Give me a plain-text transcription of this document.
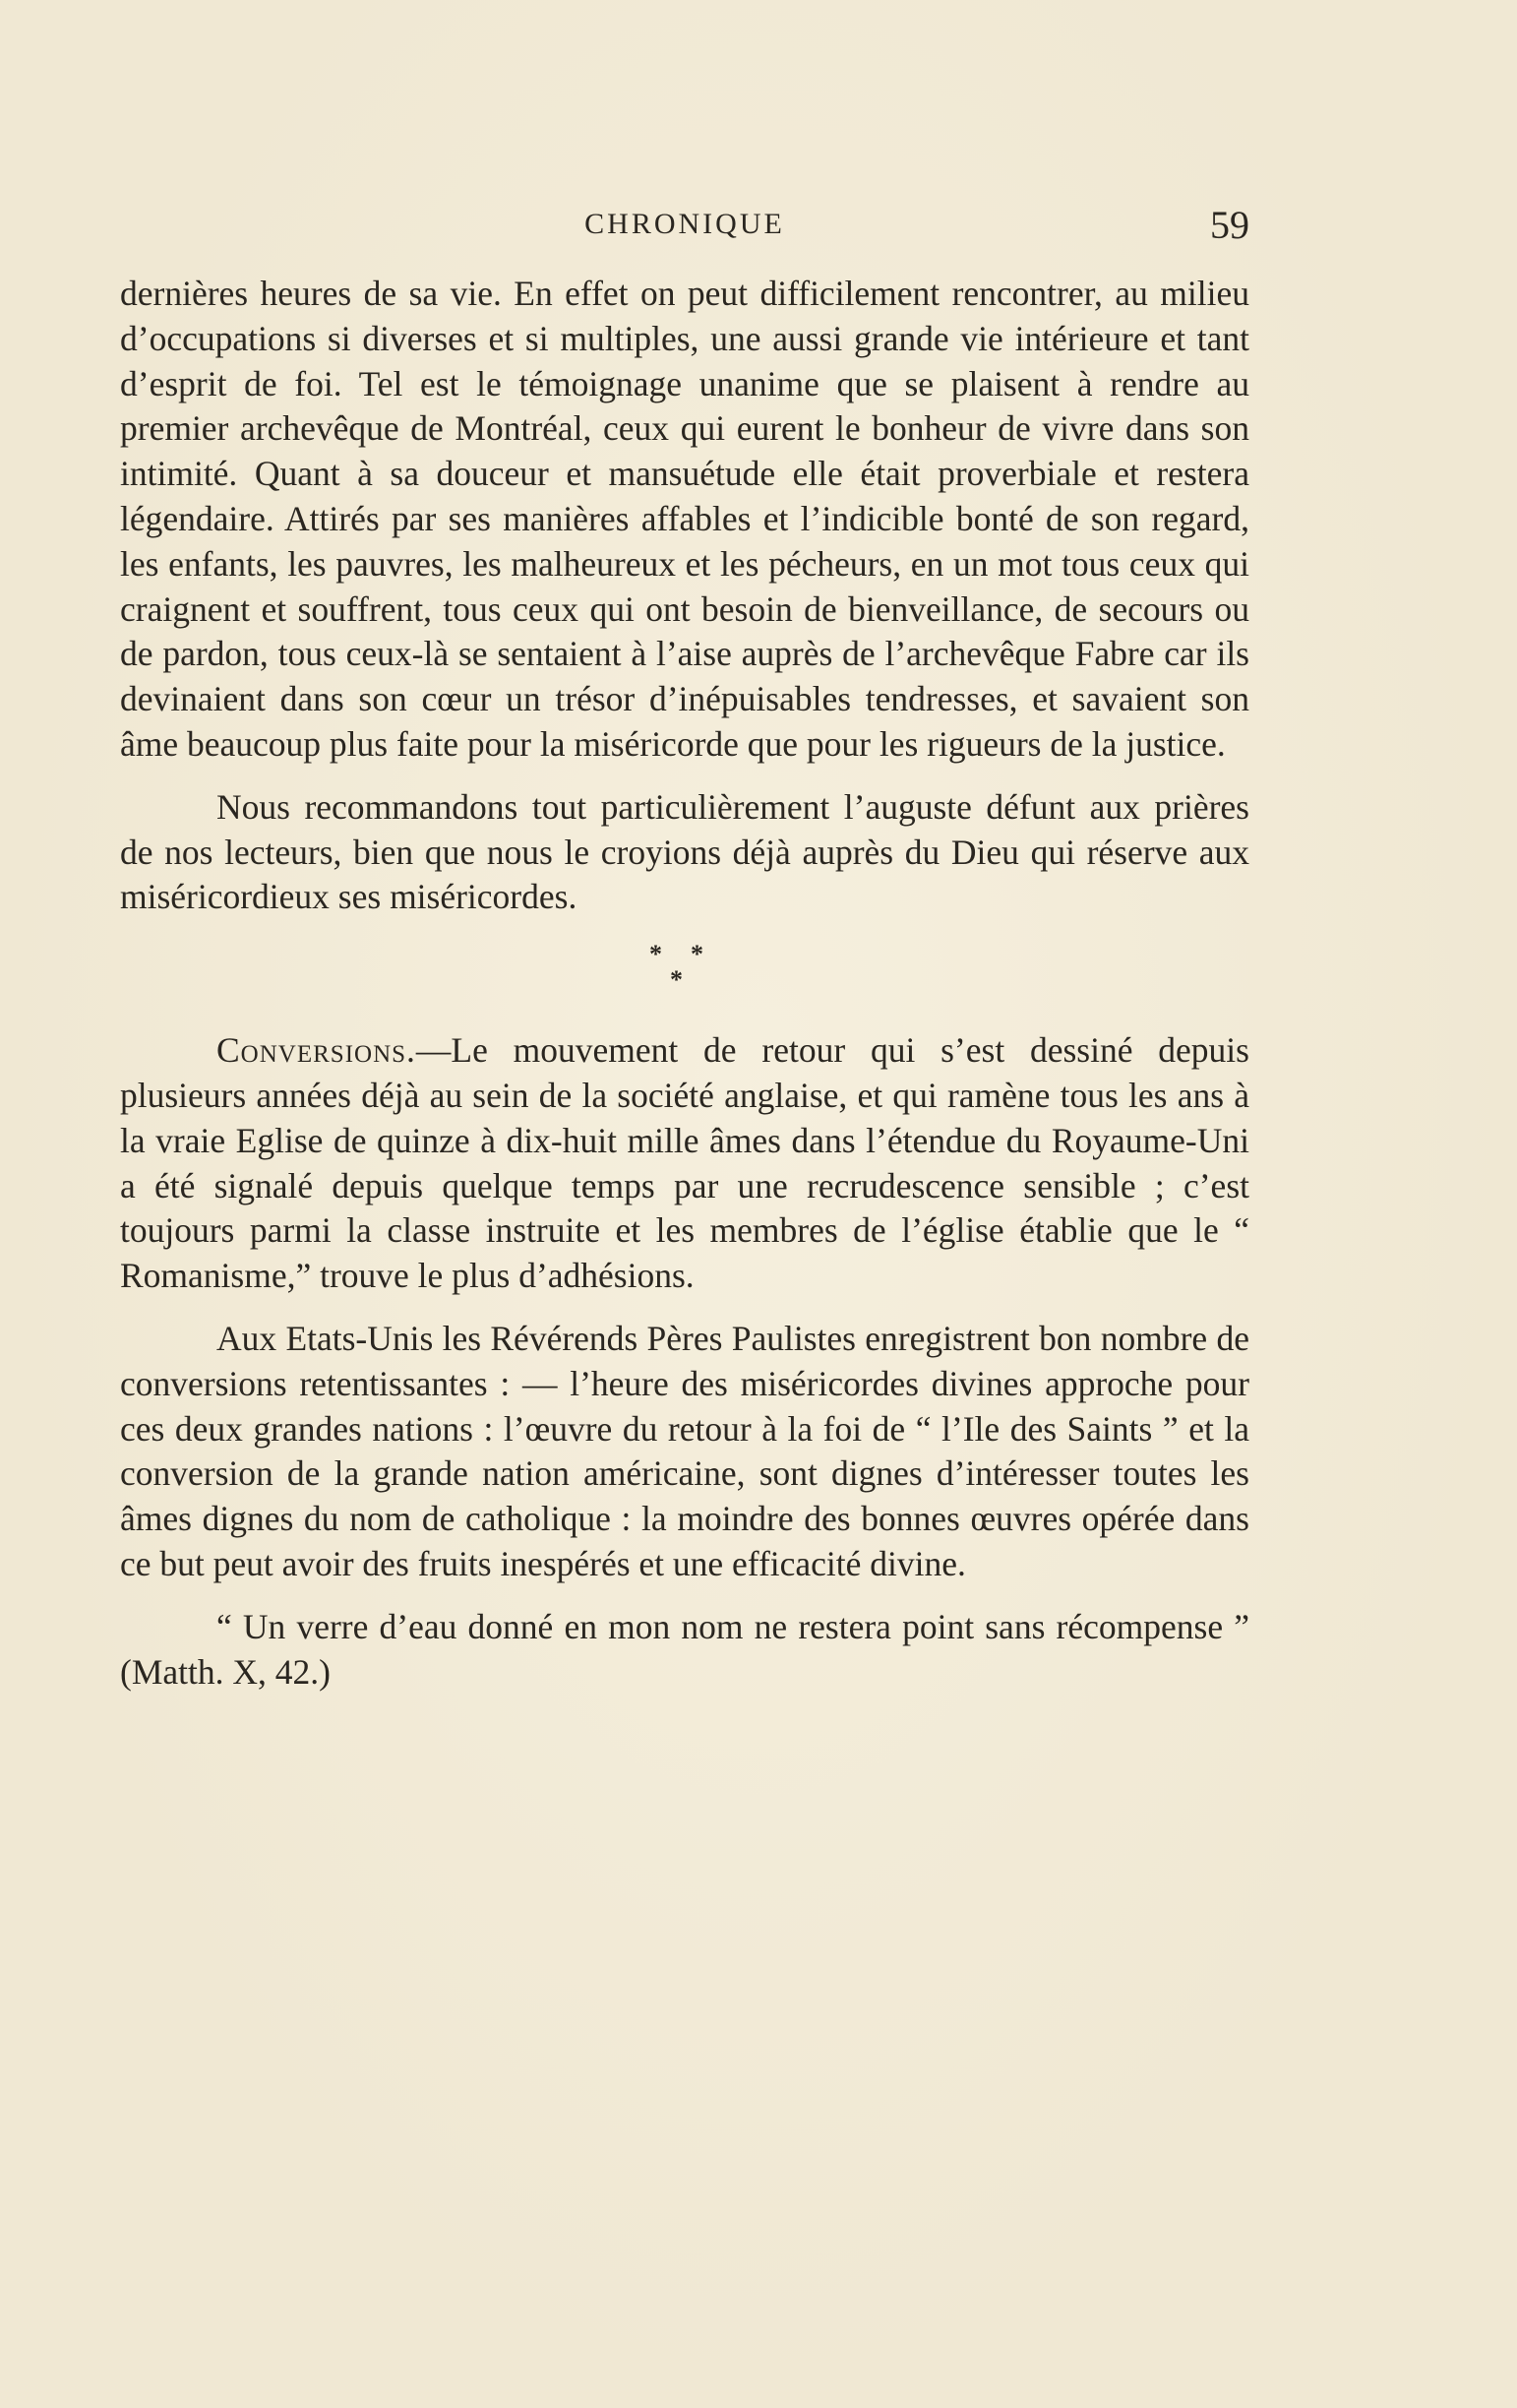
CHRONIQUE	59

dernières heures de sa vie. En effet on peut difficilement rencontrer, au milieu d’occupations si diverses et si multiples, une aussi grande vie intérieure et tant d’esprit de foi. Tel est le témoignage unanime que se plaisent à rendre au premier archevêque de Montréal, ceux qui eurent le bonheur de vivre dans son intimité. Quant à sa douceur et mansuétude elle était proverbiale et restera légendaire. Attirés par ses manières affables et l’indicible bonté de son regard, les enfants, les pauvres, les malheureux et les pécheurs, en un mot tous ceux qui craignent et souffrent, tous ceux qui ont besoin de bienveillance, de secours ou de pardon, tous ceux-là se sentaient à l’aise auprès de l’archevêque Fabre car ils devinaient dans son cœur un trésor d’inépuisables tendresses, et savaient son âme beaucoup plus faite pour la miséricorde que pour les rigueurs de la justice.

Nous recommandons tout particulièrement l’auguste défunt aux prières de nos lecteurs, bien que nous le croyions déjà auprès du Dieu qui réserve aux miséricordieux ses miséricordes.

* *
*

Conversions.—Le mouvement de retour qui s’est dessiné depuis plusieurs années déjà au sein de la société anglaise, et qui ramène tous les ans à la vraie Eglise de quinze à dix-huit mille âmes dans l’étendue du Royaume-Uni a été signalé depuis quelque temps par une recrudescence sensible ; c’est toujours parmi la classe instruite et les membres de l’église établie que le “ Romanisme,” trouve le plus d’adhésions.

Aux Etats-Unis les Révérends Pères Paulistes enregistrent bon nombre de conversions retentissantes : — l’heure des miséricordes divines approche pour ces deux grandes nations : l’œuvre du retour à la foi de “ l’Ile des Saints ” et la conversion de la grande nation américaine, sont dignes d’intéresser toutes les âmes dignes du nom de catholique : la moindre des bonnes œuvres opérée dans ce but peut avoir des fruits inespérés et une efficacité divine.

“ Un verre d’eau donné en mon nom ne restera point sans récompense ” (Matth. X, 42.)
